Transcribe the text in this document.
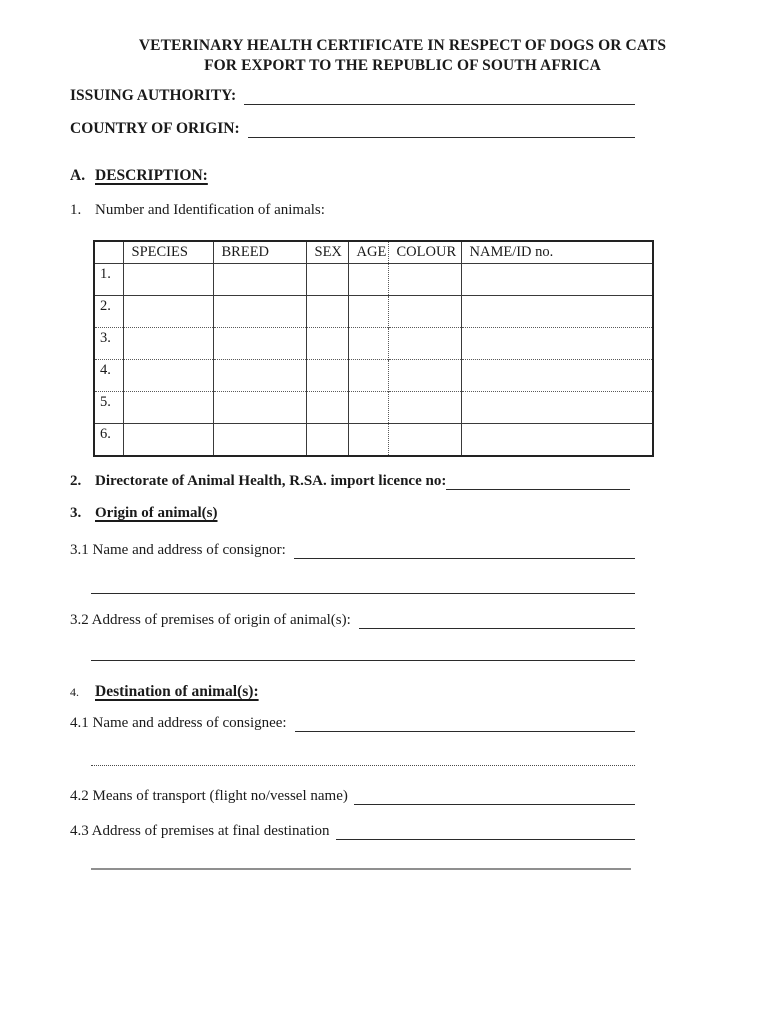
VETERINARY HEALTH CERTIFICATE IN RESPECT OF DOGS OR CATS
FOR EXPORT TO THE REPUBLIC OF SOUTH AFRICA
ISSUING AUTHORITY:
COUNTRY OF ORIGIN:
A. DESCRIPTION:
1. Number and Identification of animals:
	SPECIES	BREED	SEX	AGE	COLOUR	NAME/ID no.
1.						
2.						
3.						
4.						
5.						
6.						
2. Directorate of Animal Health, R.SA. import licence no:
3. Origin of animal(s)
3.1 Name and address of consignor:
3.2 Address of premises of origin of animal(s):
4.	Destination of animal(s):
4.1 Name and address of consignee:
4.2 Means of transport (flight no/vessel name)
4.3 Address of premises at final destination
